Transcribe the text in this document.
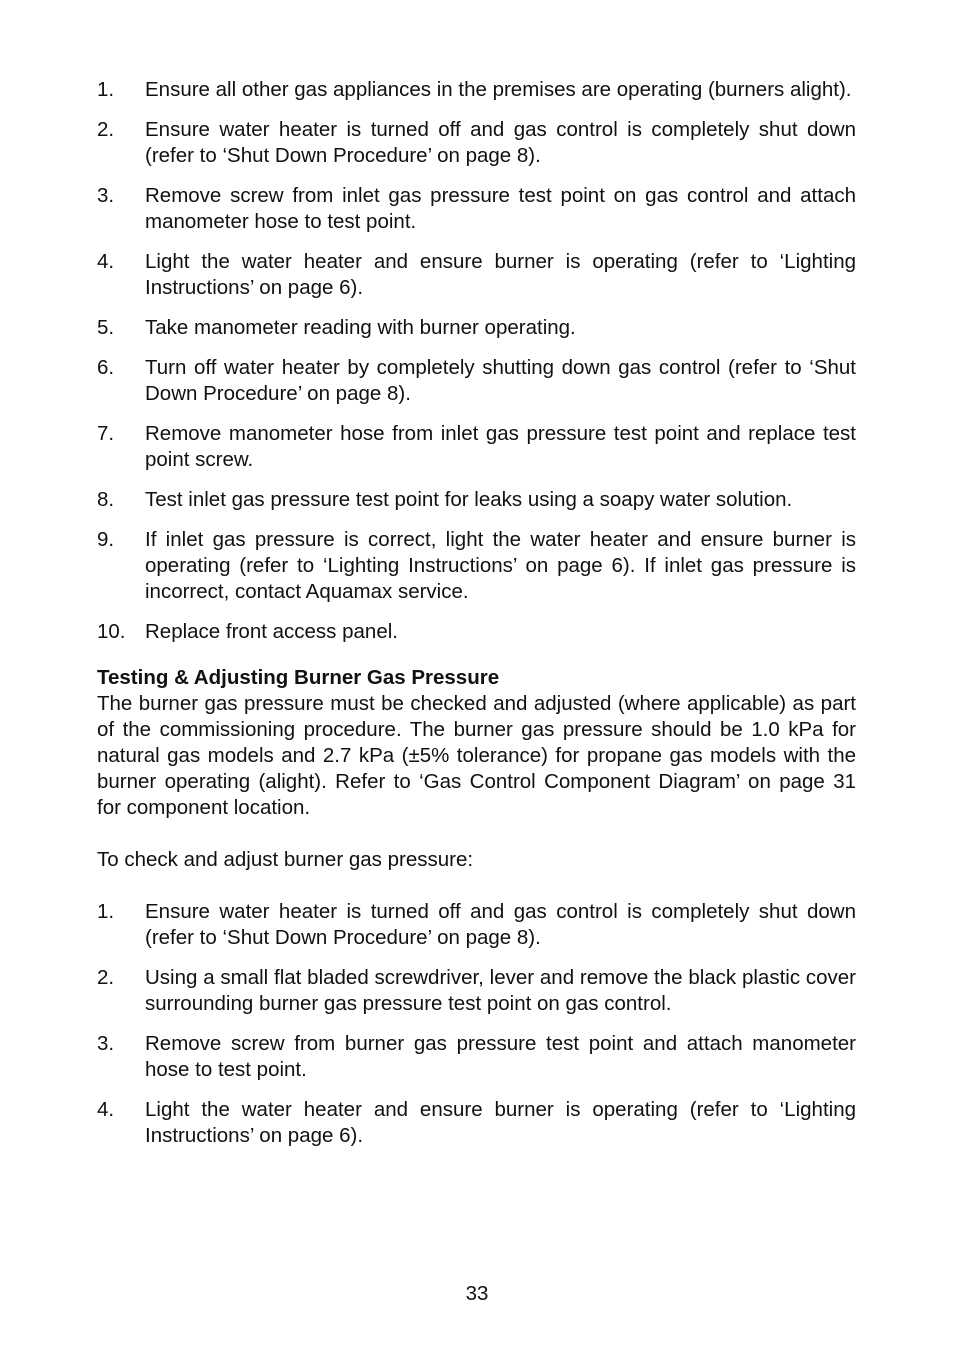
1.	Ensure all other gas appliances in the premises are operating (burners alight).
2.	Ensure water heater is turned off and gas control is completely shut down (refer to ‘Shut Down Procedure’ on page 8).
3.	Remove screw from inlet gas pressure test point on gas control and attach manometer hose to test point.
4.	Light the water heater and ensure burner is operating (refer to ‘Lighting Instructions’ on page 6).
5.	Take manometer reading with burner operating.
6.	Turn off water heater by completely shutting down gas control (refer to ‘Shut Down Procedure’ on page 8).
7.	Remove manometer hose from inlet gas pressure test point and replace test point screw.
8.	Test inlet gas pressure test point for leaks using a soapy water solution.
9.	If inlet gas pressure is correct, light the water heater and ensure burner is operating (refer to ‘Lighting Instructions’ on page 6). If inlet gas pressure is incorrect, contact Aquamax service.
10. Replace front access panel.
Testing & Adjusting Burner Gas Pressure

The burner gas pressure must be checked and adjusted (where applicable) as part of the commissioning procedure. The burner gas pressure should be 1.0 kPa for natural gas models and 2.7 kPa (±5% tolerance) for propane gas models with the burner operating (alight). Refer to ‘Gas Control Component Diagram’ on page 31 for component location.

To check and adjust burner gas pressure:

1.	Ensure water heater is turned off and gas control is completely shut down (refer to ‘Shut Down Procedure’ on page 8).
2.	Using a small flat bladed screwdriver, lever and remove the black plastic cover surrounding burner gas pressure test point on gas control.
3.	Remove screw from burner gas pressure test point and attach manometer hose to test point.
4.	Light the water heater and ensure burner is operating (refer to ‘Lighting Instructions’ on page 6).
33
